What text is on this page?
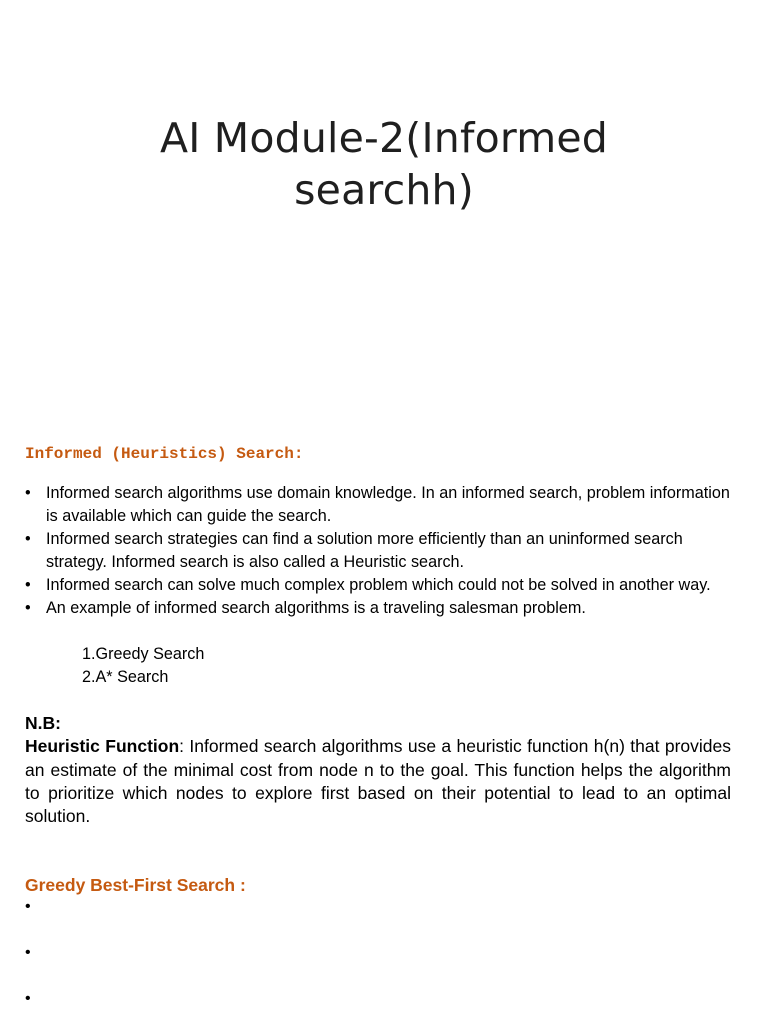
AI Module-2(Informed
searchh)
Informed (Heuristics) Search:
• Informed search algorithms use domain knowledge. In an informed search, problem information is available which can guide the search.
• Informed search strategies can find a solution more efficiently than an uninformed search strategy. Informed search is also called a Heuristic search.
• Informed search can solve much complex problem which could not be solved in another way.
• An example of informed search algorithms is a traveling salesman problem.
1.Greedy Search
2.A* Search
N.B:
Heuristic Function: Informed search algorithms use a heuristic function h(n) that provides an estimate of the minimal cost from node n to the goal. This function helps the algorithm to prioritize which nodes to explore first based on their potential to lead to an optimal solution.
Greedy Best-First Search :
•
•
•
